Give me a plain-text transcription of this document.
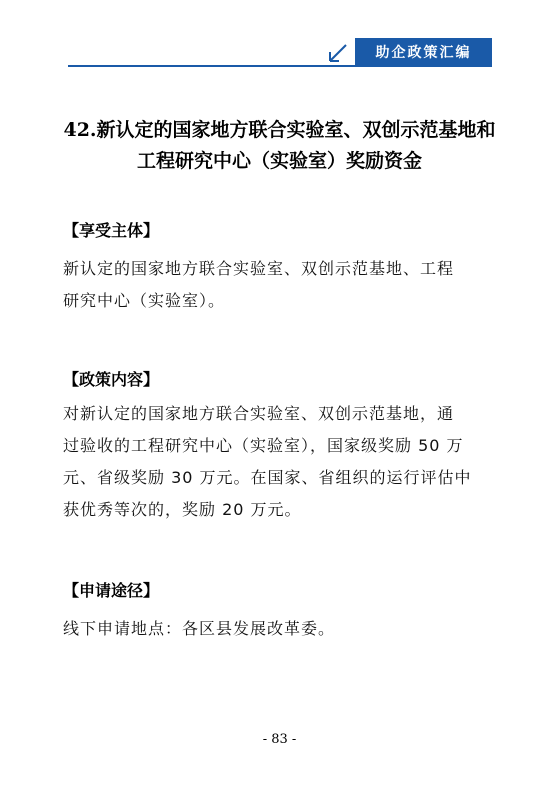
助企政策汇编
42.新认定的国家地方联合实验室、双创示范基地和
工程研究中心（实验室）奖励资金
【享受主体】
新认定的国家地方联合实验室、双创示范基地、工程
研究中心（实验室）。
【政策内容】
对新认定的国家地方联合实验室、双创示范基地，通
过验收的工程研究中心（实验室），国家级奖励 50 万
元、省级奖励 30 万元。在国家、省组织的运行评估中
获优秀等次的，奖励 20 万元。
【申请途径】
线下申请地点：各区县发展改革委。
- 83 -
